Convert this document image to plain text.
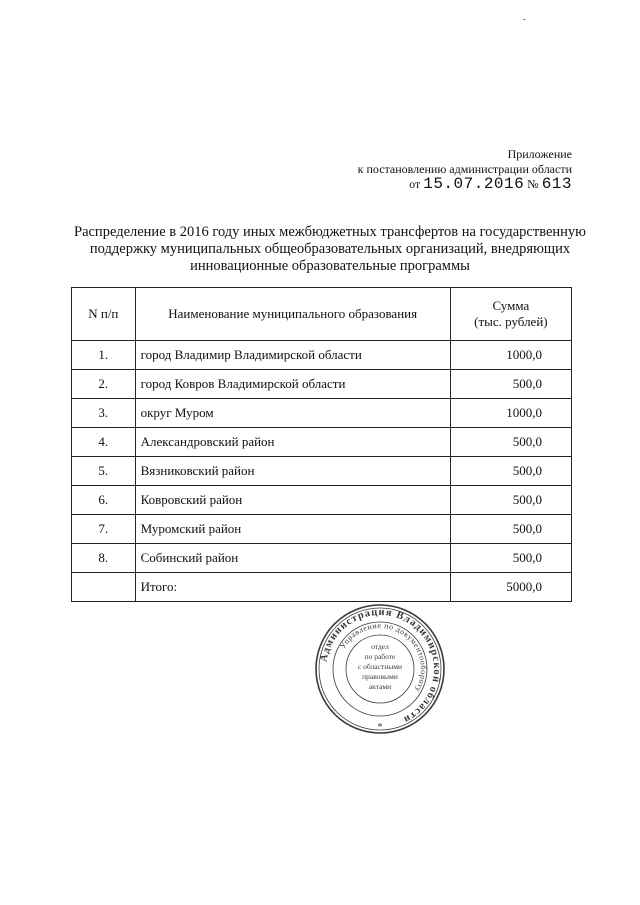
-
Приложение
к постановлению администрации области
от 15.07.2016 № 613
Распределение в 2016 году иных межбюджетных трансфертов на государственную
поддержку муниципальных общеобразовательных организаций, внедряющих
инновационные образовательные программы
N п/п	Наименование муниципального образования	Сумма
(тыс. рублей)

1.	город Владимир Владимирской области	1000,0
2.	город Ковров Владимирской области	500,0
3.	округ Муром	1000,0
4.	Александровский район	500,0
5.	Вязниковский район	500,0
6.	Ковровский район	500,0
7.	Муромский район	500,0
8.	Собинский район	500,0
	Итого:	5000,0
Администрация Владимирской области
Управление по документообороту
отдел
по работе
с областными
правовыми
актами
*
